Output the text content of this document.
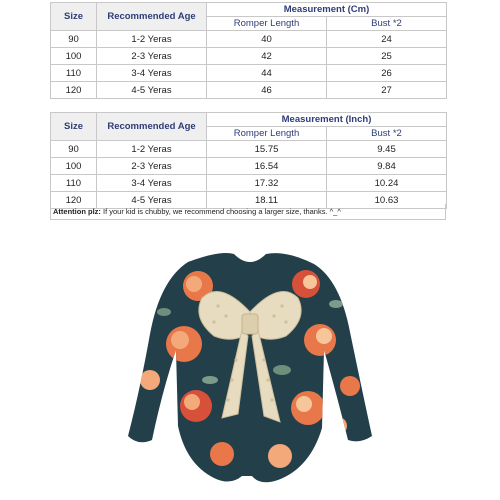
Size	Recommended Age	Measurement (Cm)	
		Romper Length	Bust *2
90	1-2 Yeras	40	24
100	2-3 Yeras	42	25
110	3-4 Yeras	44	26
120	4-5 Yeras	46	27
Size	Recommended Age	Measurement (Inch)	
		Romper Length	Bust *2
90	1-2 Yeras	15.75	9.45
100	2-3 Yeras	16.54	9.84
110	3-4 Yeras	17.32	10.24
120	4-5 Yeras	18.11	10.63
Attention plz: If your kid is chubby, we recommend choosing a larger size, thanks. ^_^
